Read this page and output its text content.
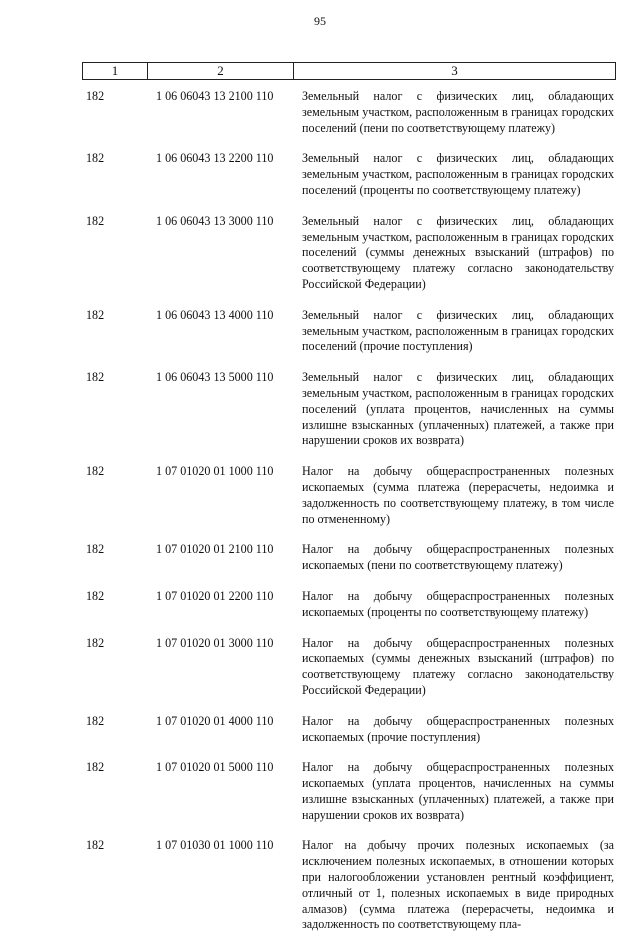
95
1	2	3
182	1 06 06043 13 2100 110	Земельный налог с физических лиц, обладающих земельным участком, расположенным в границах городских поселений (пени по соответствующему платежу)
182	1 06 06043 13 2200 110	Земельный налог с физических лиц, обладающих земельным участком, расположенным в границах городских поселений (проценты по соответствующему платежу)
182	1 06 06043 13 3000 110	Земельный налог с физических лиц, обладающих земельным участком, расположенным в границах городских поселений (суммы денежных взысканий (штрафов) по соответствующему платежу согласно законодательству Российской Федерации)
182	1 06 06043 13 4000 110	Земельный налог с физических лиц, обладающих земельным участком, расположенным в границах городских поселений (прочие поступления)
182	1 06 06043 13 5000 110	Земельный налог с физических лиц, обладающих земельным участком, расположенным в границах городских поселений (уплата процентов, начисленных на суммы излишне взысканных (уплаченных) платежей, а также при нарушении сроков их возврата)
182	1 07 01020 01 1000 110	Налог на добычу общераспространенных полезных ископаемых (сумма платежа (перерасчеты, недоимка и задолженность по соответствующему платежу, в том числе по отмененному)
182	1 07 01020 01 2100 110	Налог на добычу общераспространенных полезных ископаемых (пени по соответствующему платежу)
182	1 07 01020 01 2200 110	Налог на добычу общераспространенных полезных ископаемых (проценты по соответствующему платежу)
182	1 07 01020 01 3000 110	Налог на добычу общераспространенных полезных ископаемых (суммы денежных взысканий (штрафов) по соответствующему платежу согласно законодательству Российской Федерации)
182	1 07 01020 01 4000 110	Налог на добычу общераспространенных полезных ископаемых (прочие поступления)
182	1 07 01020 01 5000 110	Налог на добычу общераспространенных полезных ископаемых (уплата процентов, начисленных на суммы излишне взысканных (уплаченных) платежей, а также при нарушении сроков их возврата)
182	1 07 01030 01 1000 110	Налог на добычу прочих полезных ископаемых (за исключением полезных ископаемых, в отношении которых при налогообложении установлен рентный коэффициент, отличный от 1, полезных ископаемых в виде природных алмазов) (сумма платежа (перерасчеты, недоимка и задолженность по соответствующему пла-
